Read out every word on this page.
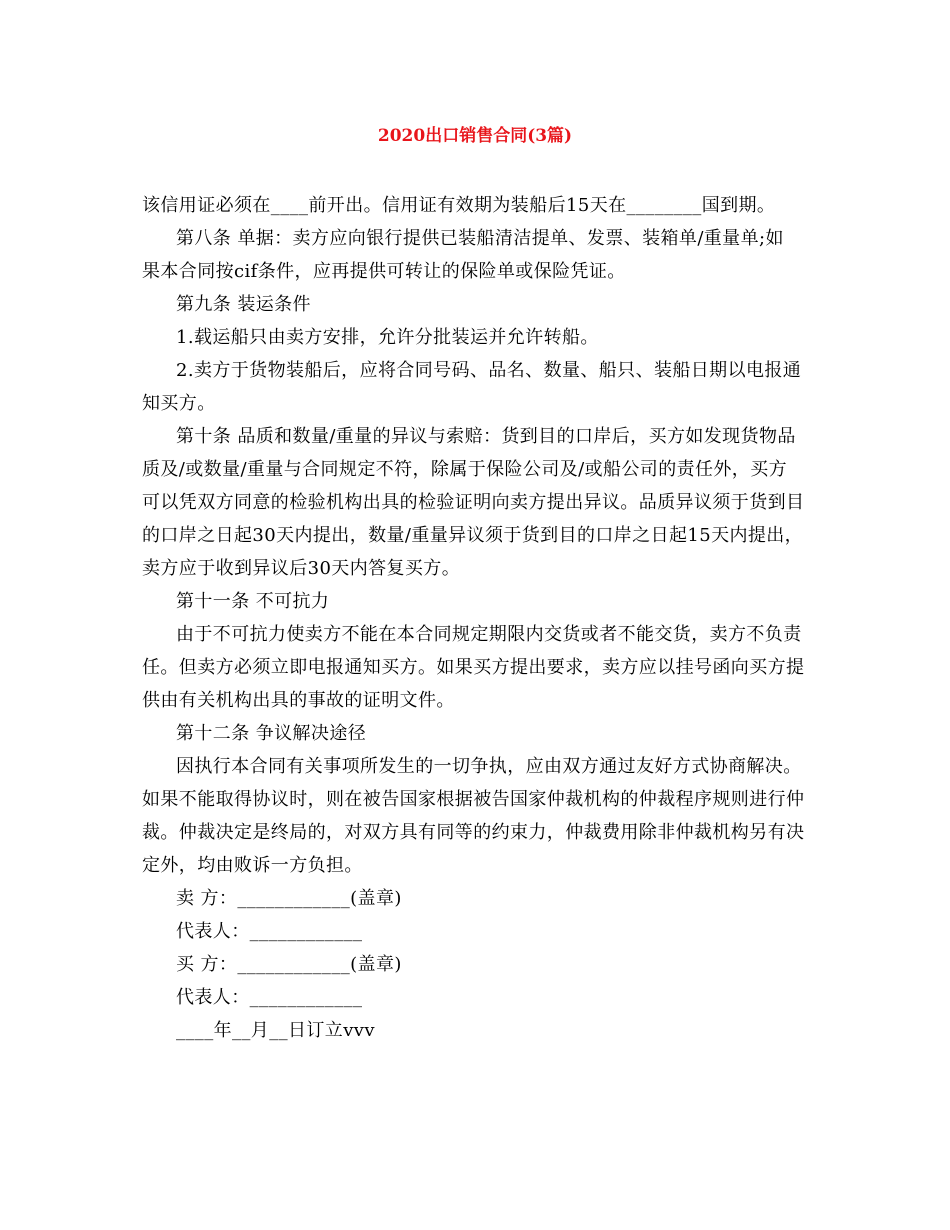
2020出口销售合同(3篇)
该信用证必须在____前开出。信用证有效期为装船后15天在________国到期。
第八条 单据：卖方应向银行提供已装船清洁提单、发票、装箱单/重量单;如
果本合同按cif条件，应再提供可转让的保险单或保险凭证。
第九条 装运条件
1.载运船只由卖方安排，允许分批装运并允许转船。
2.卖方于货物装船后，应将合同号码、品名、数量、船只、装船日期以电报通
知买方。
第十条 品质和数量/重量的异议与索赔：货到目的口岸后，买方如发现货物品
质及/或数量/重量与合同规定不符，除属于保险公司及/或船公司的责任外，买方
可以凭双方同意的检验机构出具的检验证明向卖方提出异议。品质异议须于货到目
的口岸之日起30天内提出，数量/重量异议须于货到目的口岸之日起15天内提出，
卖方应于收到异议后30天内答复买方。
第十一条 不可抗力
由于不可抗力使卖方不能在本合同规定期限内交货或者不能交货，卖方不负责
任。但卖方必须立即电报通知买方。如果买方提出要求，卖方应以挂号函向买方提
供由有关机构出具的事故的证明文件。
第十二条 争议解决途径
因执行本合同有关事项所发生的一切争执，应由双方通过友好方式协商解决。
如果不能取得协议时，则在被告国家根据被告国家仲裁机构的仲裁程序规则进行仲
裁。仲裁决定是终局的，对双方具有同等的约束力，仲裁费用除非仲裁机构另有决
定外，均由败诉一方负担。
卖 方：____________(盖章)
代表人：____________
买 方：____________(盖章)
代表人：____________
____年__月__日订立vvv
